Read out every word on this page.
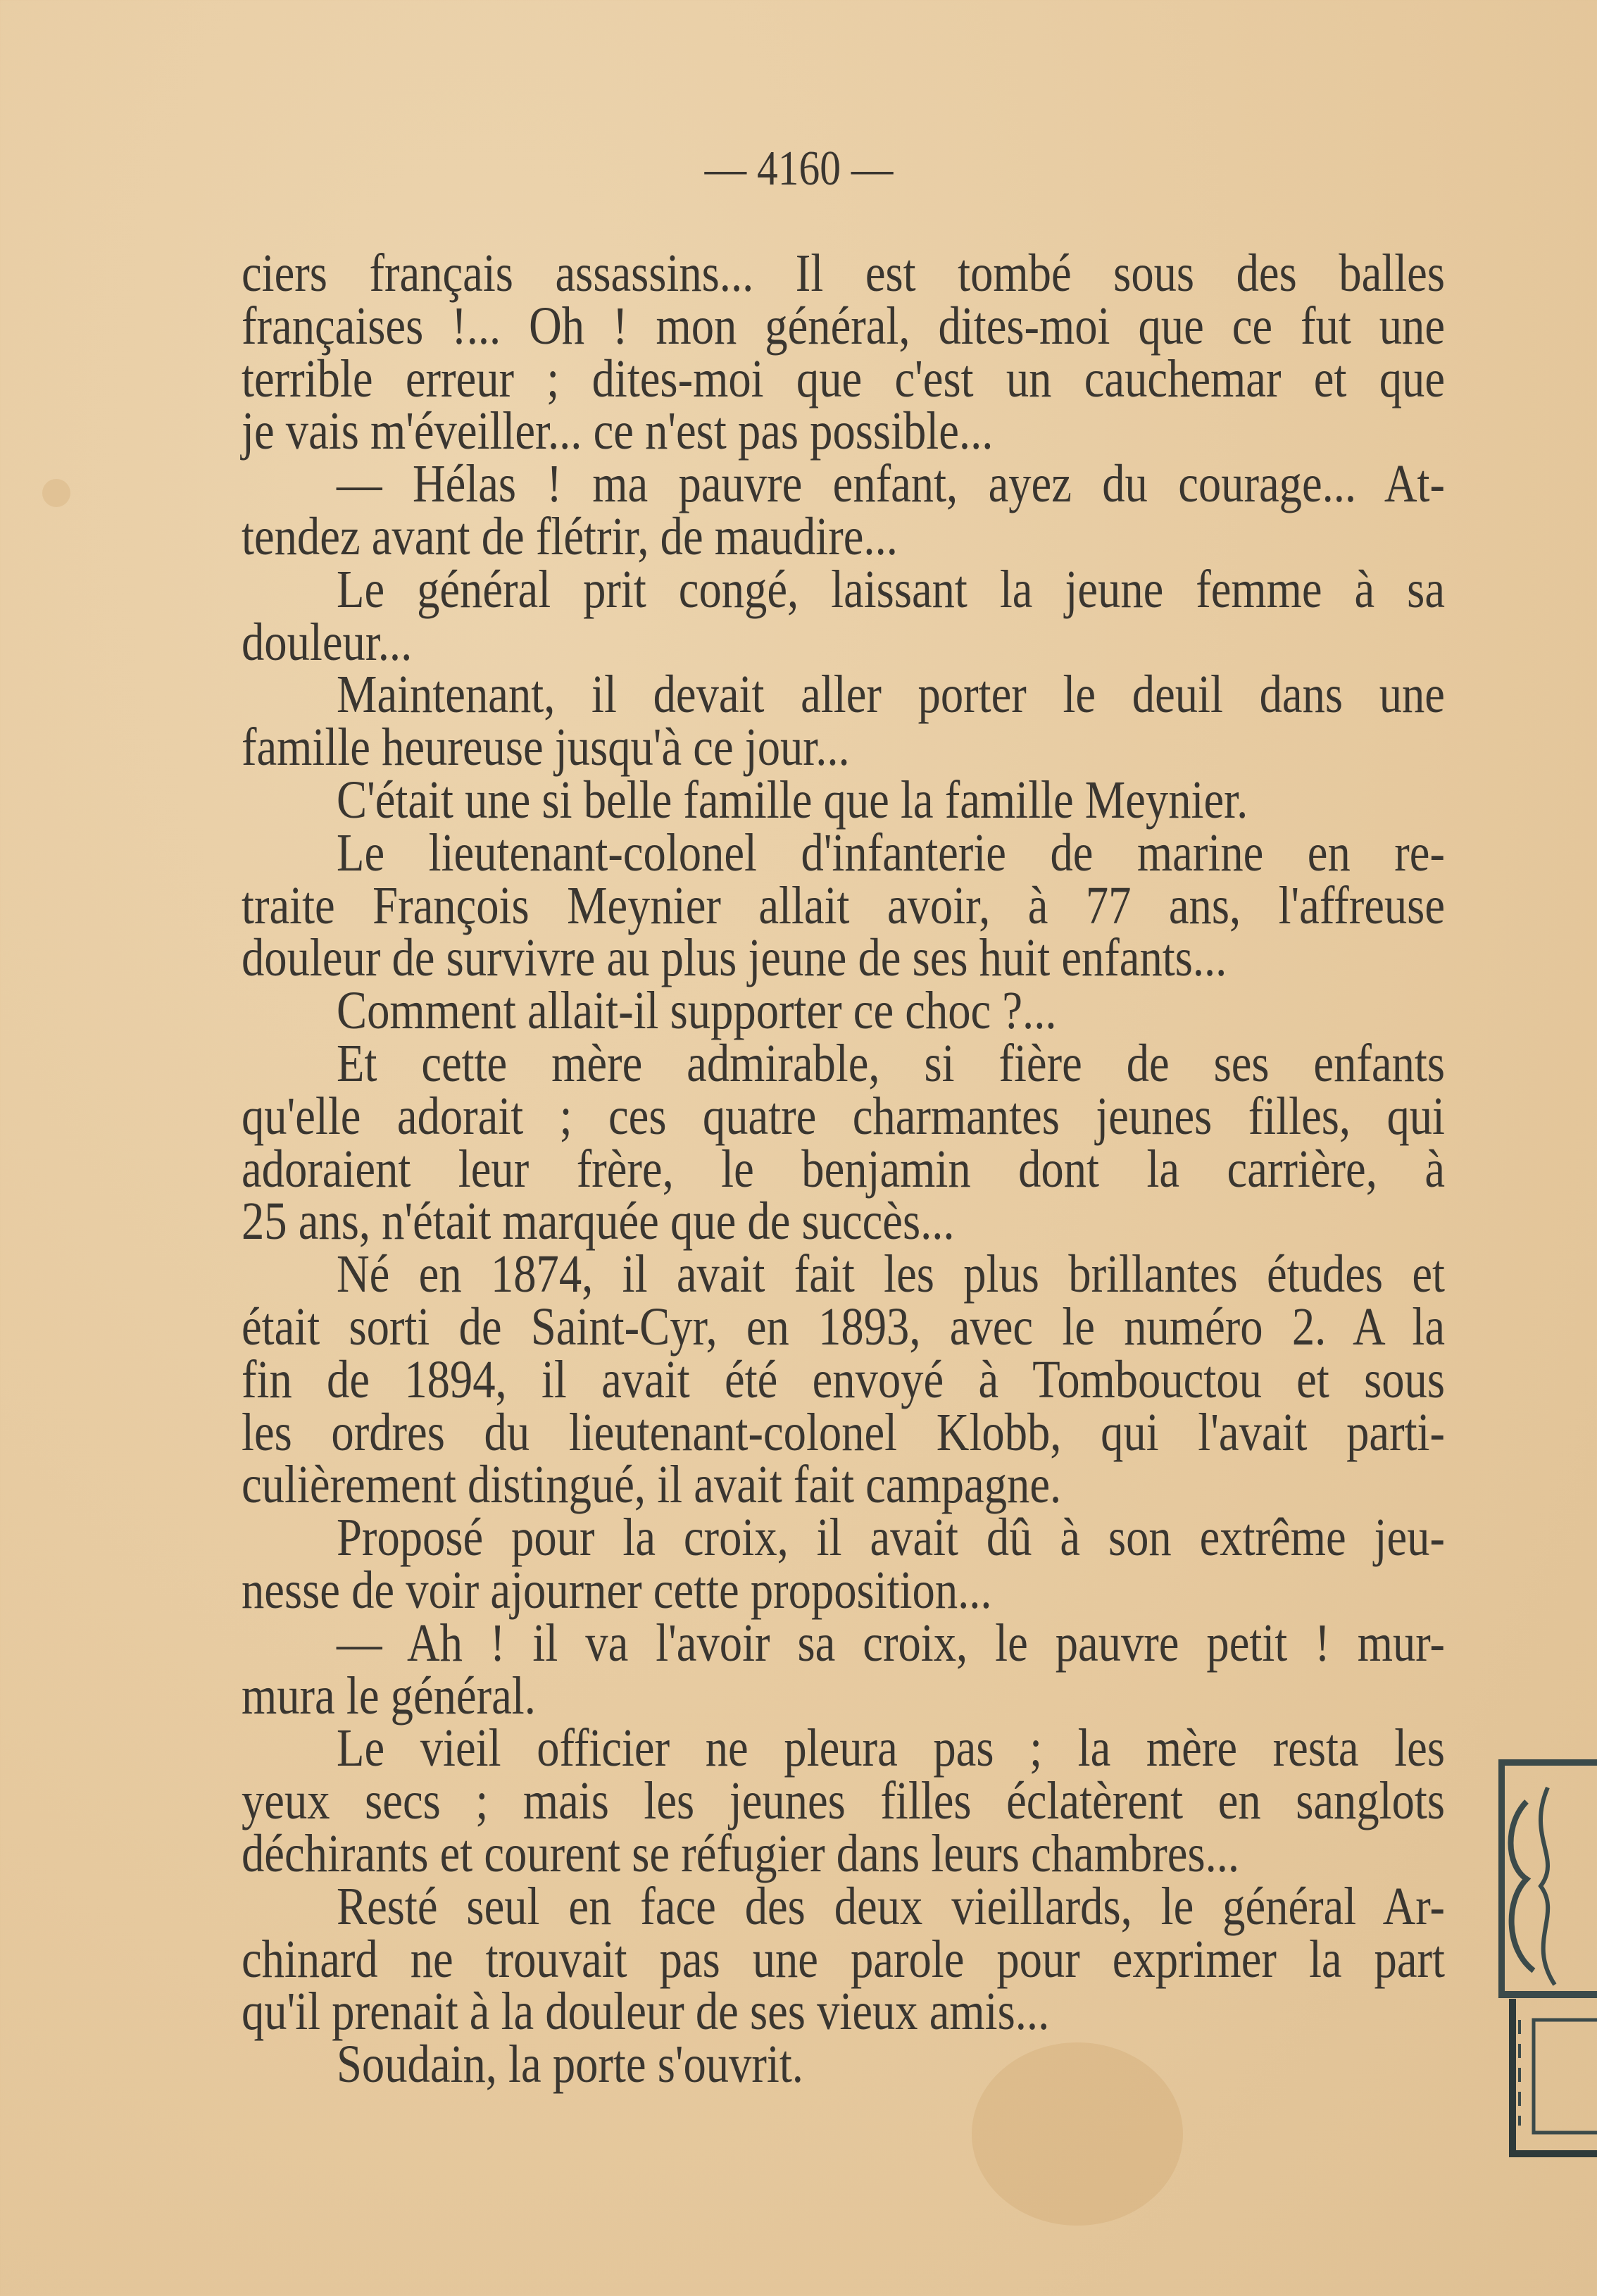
— 4160 —
ciers français assassins... Il est tombé sous des balles
françaises !... Oh ! mon général, dites-moi que ce fut une
terrible erreur ; dites-moi que c'est un cauchemar et que
je vais m'éveiller... ce n'est pas possible...
— Hélas ! ma pauvre enfant, ayez du courage... At-
tendez avant de flétrir, de maudire...
Le général prit congé, laissant la jeune femme à sa
douleur...
Maintenant, il devait aller porter le deuil dans une
famille heureuse jusqu'à ce jour...
C'était une si belle famille que la famille Meynier.
Le lieutenant-colonel d'infanterie de marine en re-
traite François Meynier allait avoir, à 77 ans, l'affreuse
douleur de survivre au plus jeune de ses huit enfants...
Comment allait-il supporter ce choc ?...
Et cette mère admirable, si fière de ses enfants
qu'elle adorait ; ces quatre charmantes jeunes filles, qui
adoraient leur frère, le benjamin dont la carrière, à
25 ans, n'était marquée que de succès...
Né en 1874, il avait fait les plus brillantes études et
était sorti de Saint-Cyr, en 1893, avec le numéro 2. A la
fin de 1894, il avait été envoyé à Tombouctou et sous
les ordres du lieutenant-colonel Klobb, qui l'avait parti-
culièrement distingué, il avait fait campagne.
Proposé pour la croix, il avait dû à son extrême jeu-
nesse de voir ajourner cette proposition...
— Ah ! il va l'avoir sa croix, le pauvre petit ! mur-
mura le général.
Le vieil officier ne pleura pas ; la mère resta les
yeux secs ; mais les jeunes filles éclatèrent en sanglots
déchirants et courent se réfugier dans leurs chambres...
Resté seul en face des deux vieillards, le général Ar-
chinard ne trouvait pas une parole pour exprimer la part
qu'il prenait à la douleur de ses vieux amis...
Soudain, la porte s'ouvrit.
